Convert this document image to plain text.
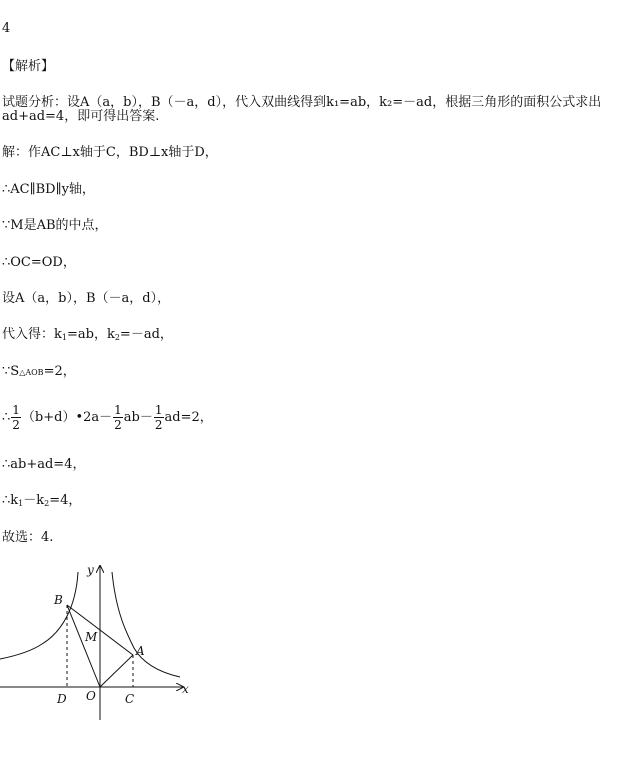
4
【解析】
试题分析：设A（a，b），B（－a，d），代入双曲线得到k₁=ab，k₂=－ad，根据三角形的面积公式求出
ad+ad=4，即可得出答案.
解：作AC⊥x轴于C，BD⊥x轴于D，
∴AC∥BD∥y轴，
∵M是AB的中点，
∴OC=OD，
设A（a，b），B（－a，d），
代入得：$k_1=ab$，$k_2=-ad$，
∵S△AOB=2，
∴ $\frac{1}{2}$ （b+d）•2a－ $\frac{1}{2} ab- \frac{1}{2} ad=2$，
∴ab+ad=4，
$\therefore k_1-k_2=4$，
故选：4.
y
x
B
A
M
D O C
